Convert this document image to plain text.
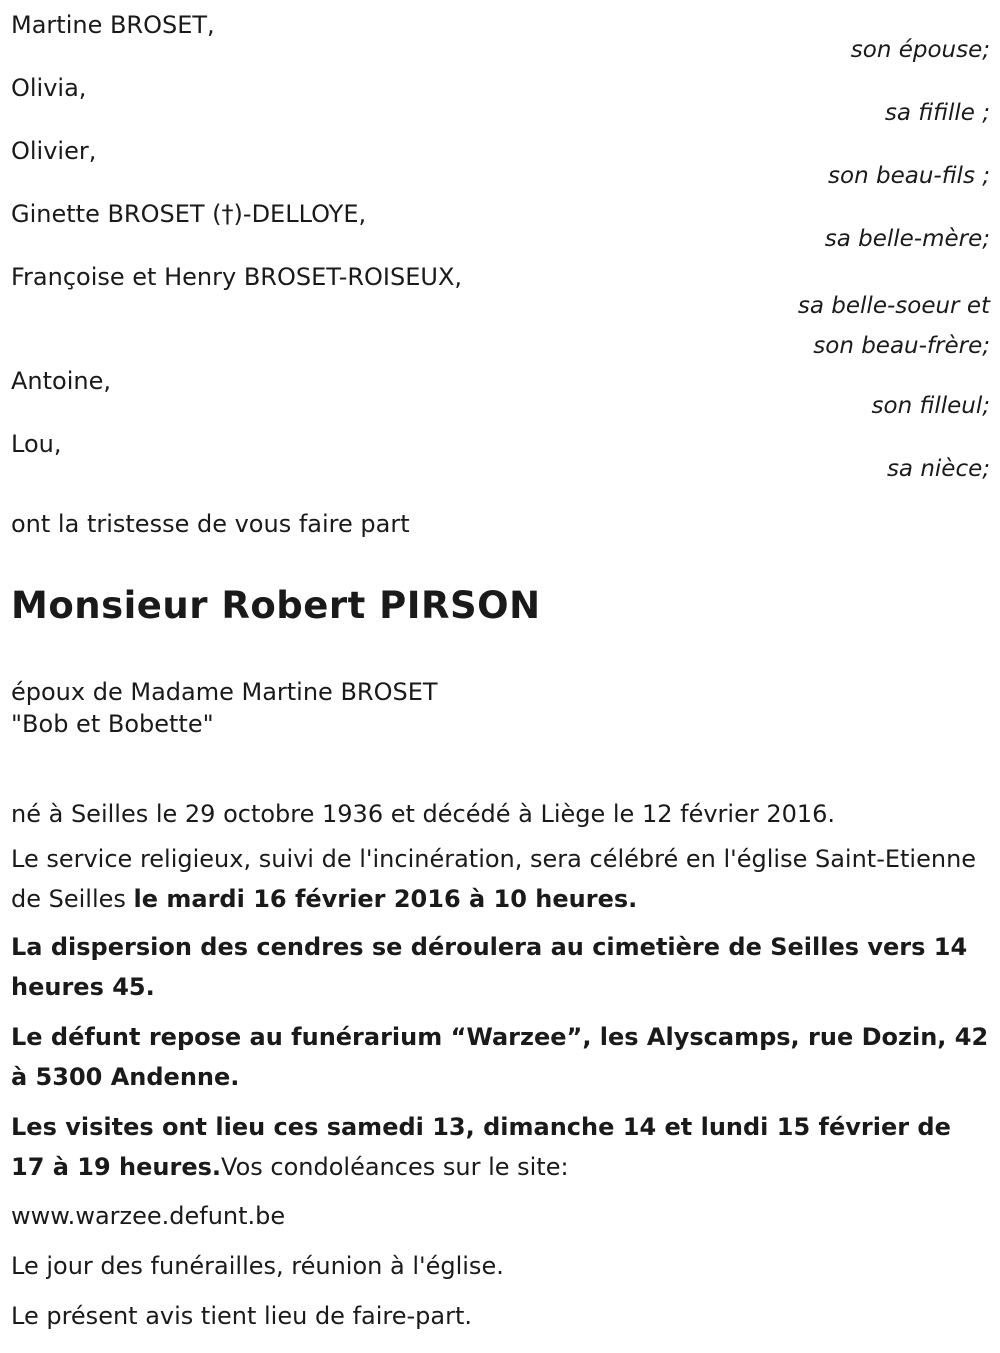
Martine BROSET,
son épouse;
Olivia,
sa fifille ;
Olivier,
son beau-fils ;
Ginette BROSET (†)-DELLOYE,
sa belle-mère;
Françoise et Henry BROSET-ROISEUX,
sa belle-soeur et
son beau-frère;
Antoine,
son filleul;
Lou,
sa nièce;
ont la tristesse de vous faire part
Monsieur Robert PIRSON
époux de Madame Martine BROSET
"Bob et Bobette"

né à Seilles le 29 octobre 1936 et décédé à Liège le 12 février 2016.

Le service religieux, suivi de l'incinération, sera célébré en l'église Saint-Etienne de Seilles le mardi 16 février 2016 à 10 heures.

La dispersion des cendres se déroulera au cimetière de Seilles vers 14 heures 45.

Le défunt repose au funérarium “Warzee”, les Alyscamps, rue Dozin, 42 à 5300 Andenne.

Les visites ont lieu ces samedi 13, dimanche 14 et lundi 15 février de 17 à 19 heures.Vos condoléances sur le site:

www.warzee.defunt.be

Le jour des funérailles, réunion à l'église.

Le présent avis tient lieu de faire-part.
